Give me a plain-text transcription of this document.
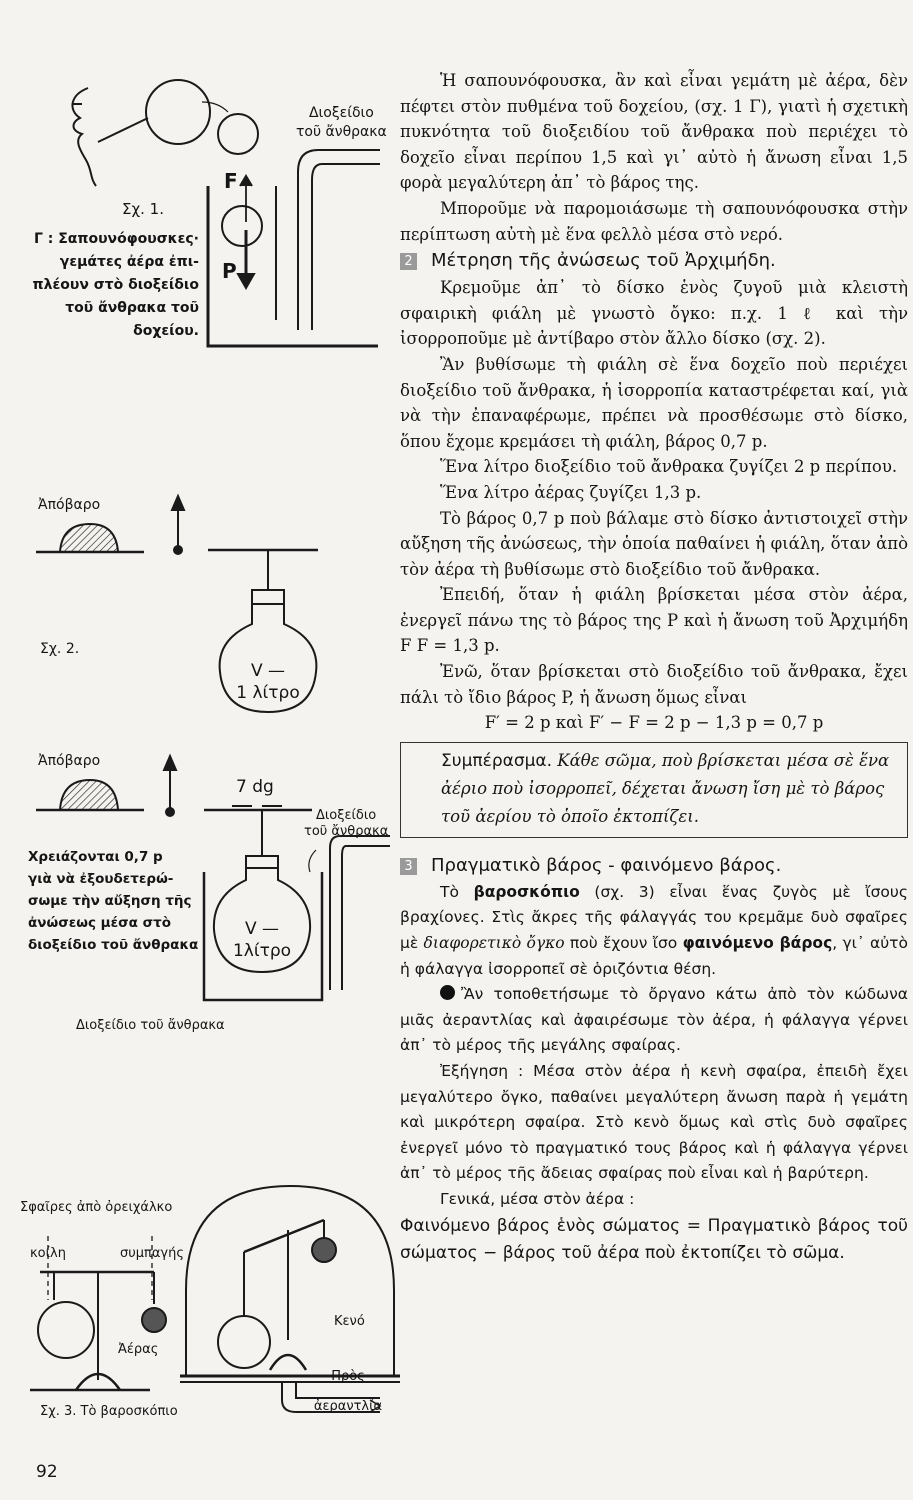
Διοξείδιο
τοῦ ἄνθρακα
F
P
Σχ. 1.
Γ : Σαπουνόφουσκες·
γεμάτες ἀέρα ἐπι-
πλέουν στὸ διοξείδιο
τοῦ ἄνθρακα τοῦ
δοχείου.
Ἀπόβαρο
Σχ. 2.
V —
1 λίτρο
Ἀπόβαρο
7 dg
Διοξείδιο
τοῦ ἄνθρακα
Χρειάζονται 0,7 p
γιὰ νὰ ἐξουδετερώ-
σωμε τὴν αὔξηση τῆς
ἀνώσεως μέσα στὸ
διοξείδιο τοῦ ἄνθρακα
V —
1λίτρο
Διοξείδιο τοῦ ἄνθρακα
Σφαῖρες ἀπὸ ὀρειχάλκο
κοίλη	συμπαγής
Ἀέρας
Κενό
Πρὸς
ἀεραντλία
Σχ. 3. Τὸ βαροσκόπιο

Ἡ σαπουνόφουσκα, ἂν καὶ εἶναι γεμάτη μὲ ἀέρα, δὲν πέφτει στὸν πυθμένα τοῦ δοχείου, (σχ. 1 Γ), γιατὶ ἡ σχετικὴ πυκνότητα τοῦ διοξειδίου τοῦ ἄνθρακα ποὺ περιέχει τὸ δοχεῖο εἶναι περίπου 1,5 καὶ γι᾽ αὐτὸ ἡ ἄνωση εἶναι 1,5 φορὰ μεγαλύτερη ἀπ᾽ τὸ βάρος της.

Μποροῦμε νὰ παρομοιάσωμε τὴ σαπουνόφουσκα στὴν περίπτωση αὐτὴ μὲ ἕνα φελλὸ μέσα στὸ νερό.

2 Μέτρηση τῆς ἀνώσεως τοῦ Ἀρχιμήδη.

Κρεμοῦμε ἀπ᾽ τὸ δίσκο ἑνὸς ζυγοῦ μιὰ κλειστὴ σφαιρικὴ φιάλη μὲ γνωστὸ ὄγκο: π.χ. 1 ℓ καὶ τὴν ἰσορροποῦμε μὲ ἀντίβαρο στὸν ἄλλο δίσκο (σχ. 2).

Ἂν βυθίσωμε τὴ φιάλη σὲ ἕνα δοχεῖο ποὺ περιέχει διοξείδιο τοῦ ἄνθρακα, ἡ ἰσορροπία καταστρέφεται καί, γιὰ νὰ τὴν ἐπαναφέρωμε, πρέπει νὰ προσθέσωμε στὸ δίσκο, ὅπου ἔχομε κρεμάσει τὴ φιάλη, βάρος 0,7 p.

Ἕνα λίτρο διοξείδιο τοῦ ἄνθρακα ζυγίζει 2 p περίπου.

Ἕνα λίτρο ἀέρας ζυγίζει 1,3 p.

Τὸ βάρος 0,7 p ποὺ βάλαμε στὸ δίσκο ἀντιστοιχεῖ στὴν αὔξηση τῆς ἀνώσεως, τὴν ὁποία παθαίνει ἡ φιάλη, ὅταν ἀπὸ τὸν ἀέρα τὴ βυθίσωμε στὸ διοξείδιο τοῦ ἄνθρακα.

Ἐπειδή, ὅταν ἡ φιάλη βρίσκεται μέσα στὸν ἀέρα, ἐνεργεῖ πάνω της τὸ βάρος της P καὶ ἡ ἄνωση τοῦ Ἀρχιμήδη F F = 1,3 p.

Ἐνῶ, ὅταν βρίσκεται στὸ διοξείδιο τοῦ ἄνθρακα, ἔχει πάλι τὸ ἴδιο βάρος P, ἡ ἄνωση ὅμως εἶναι

F′ = 2 p καὶ F′ − F = 2 p − 1,3 p = 0,7 p

Συμπέρασμα. Κάθε σῶμα, ποὺ βρίσκεται μέσα σὲ ἕνα ἀέριο ποὺ ἰσορροπεῖ, δέχεται ἄνωση ἴση μὲ τὸ βάρος τοῦ ἀερίου τὸ ὁποῖο ἐκτοπίζει.

3 Πραγματικὸ βάρος - φαινόμενο βάρος.

Τὸ βαροσκόπιο (σχ. 3) εἶναι ἕνας ζυγὸς μὲ ἴσους βραχίονες. Στὶς ἄκρες τῆς φάλαγγάς του κρεμᾶμε δυὸ σφαῖρες μὲ διαφορετικὸ ὄγκο ποὺ ἔχουν ἴσο φαινόμενο βάρος, γι᾽ αὐτὸ ἡ φάλαγγα ἰσορροπεῖ σὲ ὁριζόντια θέση.

Ἂν τοποθετήσωμε τὸ ὄργανο κάτω ἀπὸ τὸν κώδωνα μιᾶς ἀεραντλίας καὶ ἀφαιρέσωμε τὸν ἀέρα, ἡ φάλαγγα γέρνει ἀπ᾽ τὸ μέρος τῆς μεγάλης σφαίρας.

Ἐξήγηση : Μέσα στὸν ἀέρα ἡ κενὴ σφαίρα, ἐπειδὴ ἔχει μεγαλύτερο ὄγκο, παθαίνει μεγαλύτερη ἄνωση παρὰ ἡ γεμάτη καὶ μικρότερη σφαίρα. Στὸ κενὸ ὅμως καὶ στὶς δυὸ σφαῖρες ἐνεργεῖ μόνο τὸ πραγματικό τους βάρος καὶ ἡ φάλαγγα γέρνει ἀπ᾽ τὸ μέρος τῆς ἄδειας σφαίρας ποὺ εἶναι καὶ ἡ βαρύτερη.

Γενικά, μέσα στὸν ἀέρα :

Φαινόμενο βάρος ἑνὸς σώματος = Πραγματικὸ βάρος τοῦ σώματος − βάρος τοῦ ἀέρα ποὺ ἐκτοπίζει τὸ σῶμα.

92
